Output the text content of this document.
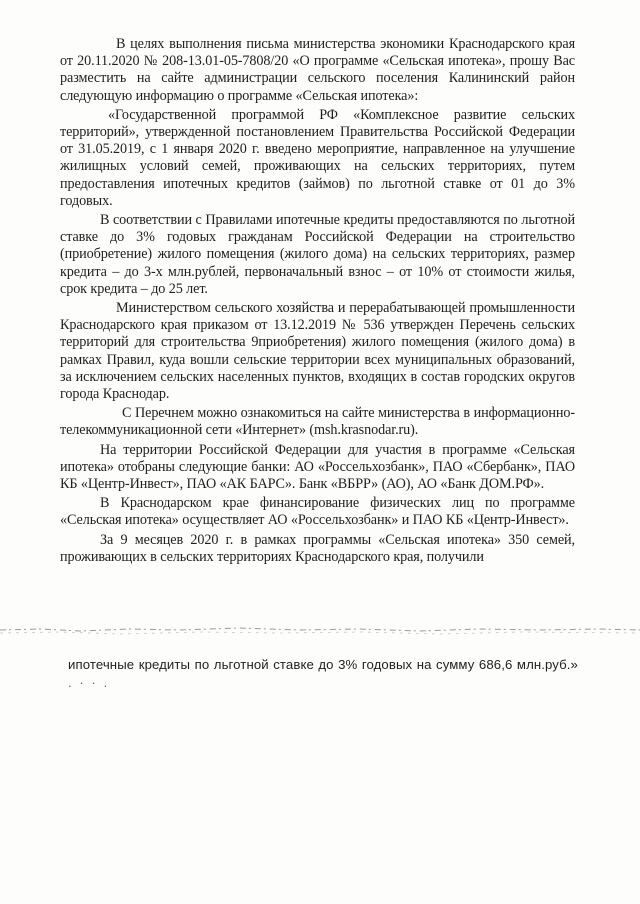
В целях выполнения письма министерства экономики Краснодарского края от 20.11.2020 № 208-13.01-05-7808/20 «О программе «Сельская ипотека», прошу Вас разместить на сайте администрации сельского поселения Калининский район следующую информацию о программе «Сельская ипотека»:

«Государственной программой РФ «Комплексное развитие сельских территорий», утвержденной постановлением Правительства Российской Федерации от 31.05.2019, с 1 января 2020 г. введено мероприятие, направленное на улучшение жилищных условий семей, проживающих на сельских территориях, путем предоставления ипотечных кредитов (займов) по льготной ставке от 01 до 3% годовых.

В соответствии с Правилами ипотечные кредиты предоставляются по льготной ставке до 3% годовых гражданам Российской Федерации на строительство (приобретение) жилого помещения (жилого дома) на сельских территориях, размер кредита – до 3-х млн.рублей, первоначальный взнос – от 10% от стоимости жилья, срок кредита – до 25 лет.

Министерством сельского хозяйства и перерабатывающей промышленности Краснодарского края приказом от 13.12.2019 № 536 утвержден Перечень сельских территорий для строительства 9приобретения) жилого помещения (жилого дома) в рамках Правил, куда вошли сельские территории всех муниципальных образований, за исключением сельских населенных пунктов, входящих в состав городских округов города Краснодар.

С Перечнем можно ознакомиться на сайте министерства в информационно-телекоммуникационной сети «Интернет» (msh.krasnodar.ru).

На территории Российской Федерации для участия в программе «Сельская ипотека» отобраны следующие банки: АО «Россельхозбанк», ПАО «Сбербанк», ПАО КБ «Центр-Инвест», ПАО «АК БАРС». Банк «ВБРР» (АО), АО «Банк ДОМ.РФ».

В Краснодарском крае финансирование физических лиц по программе «Сельская ипотека» осуществляет АО «Россельхозбанк» и ПАО КБ «Центр-Инвест».

За 9 месяцев 2020 г. в рамках программы «Сельская ипотека» 350 семей, проживающих в сельских территориях Краснодарского края, получили

ипотечные кредиты по льготной ставке до 3% годовых на сумму 686,6 млн.руб.» . · · .
